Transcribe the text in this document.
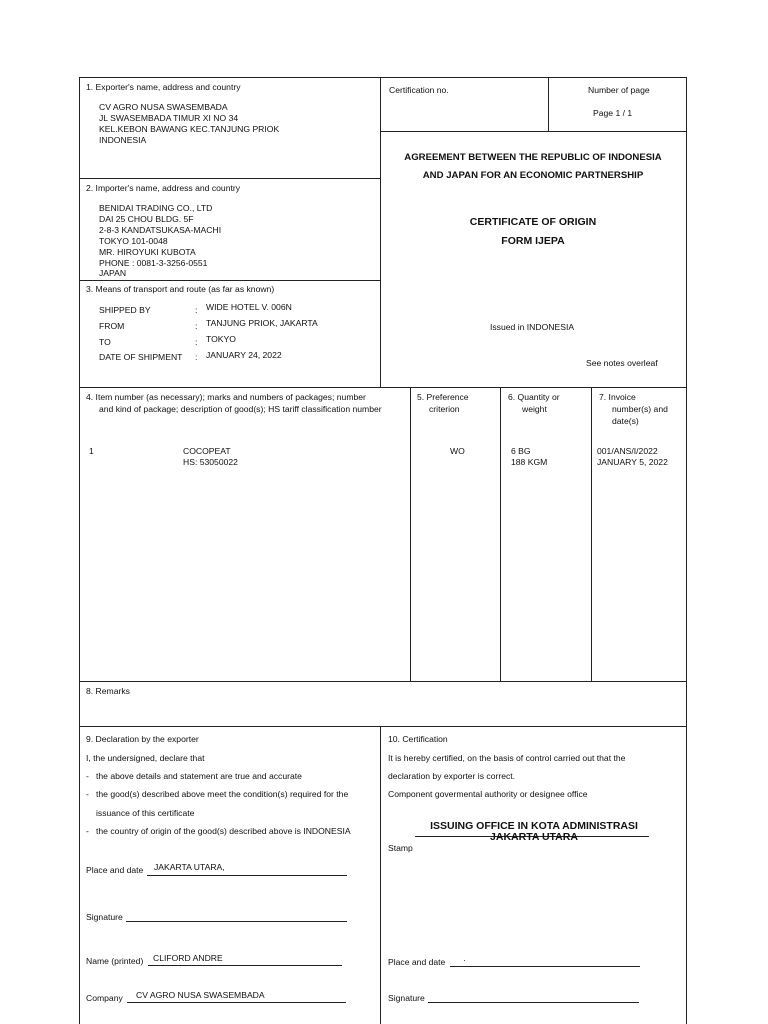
1. Exporter's name, address and country
CV AGRO NUSA SWASEMBADA
JL SWASEMBADA TIMUR XI NO 34
KEL.KEBON BAWANG KEC.TANJUNG PRIOK
INDONESIA
Certification no.	Number of page
Page 1 / 1
AGREEMENT BETWEEN THE REPUBLIC OF INDONESIA
AND JAPAN FOR AN ECONOMIC PARTNERSHIP
CERTIFICATE OF ORIGIN
FORM IJEPA
Issued in INDONESIA
See notes overleaf
2. Importer's name, address and country
BENIDAI TRADING CO., LTD
DAI 25 CHOU BLDG. 5F
2-8-3 KANDATSUKASA-MACHI
TOKYO 101-0048
MR. HIROYUKI KUBOTA
PHONE : 0081-3-3256-0551
JAPAN
3. Means of transport and route (as far as known)
SHIPPED BY	: WIDE HOTEL V. 006N
FROM	: TANJUNG PRIOK, JAKARTA
TO	: TOKYO
DATE OF SHIPMENT : JANUARY 24, 2022
4. Item number (as necessary); marks and numbers of packages; number
and kind of package; description of good(s); HS tariff classification number
5. Preference
criterion
6. Quantity or
weight
7. Invoice
number(s) and
date(s)
1	COCOPEAT
HS: 53050022
WO	6 BG
188 KGM
001/ANS/I/2022
JANUARY 5, 2022
8. Remarks
9. Declaration by the exporter
I, the undersigned, declare that
- the above details and statement are true and accurate
- the good(s) described above meet the condition(s) required for the
issuance of this certificate
- the country of origin of the good(s) described above is INDONESIA
Place and date JAKARTA UTARA,
Signature
Name (printed) CLIFORD ANDRE
Company CV AGRO NUSA SWASEMBADA
10. Certification
It is hereby certified, on the basis of control carried out that the
declaration by exporter is correct.
Component govermental authority or designee office
ISSUING OFFICE IN KOTA ADMINISTRASI
JAKARTA UTARA
Stamp
Place and date ·
Signature
